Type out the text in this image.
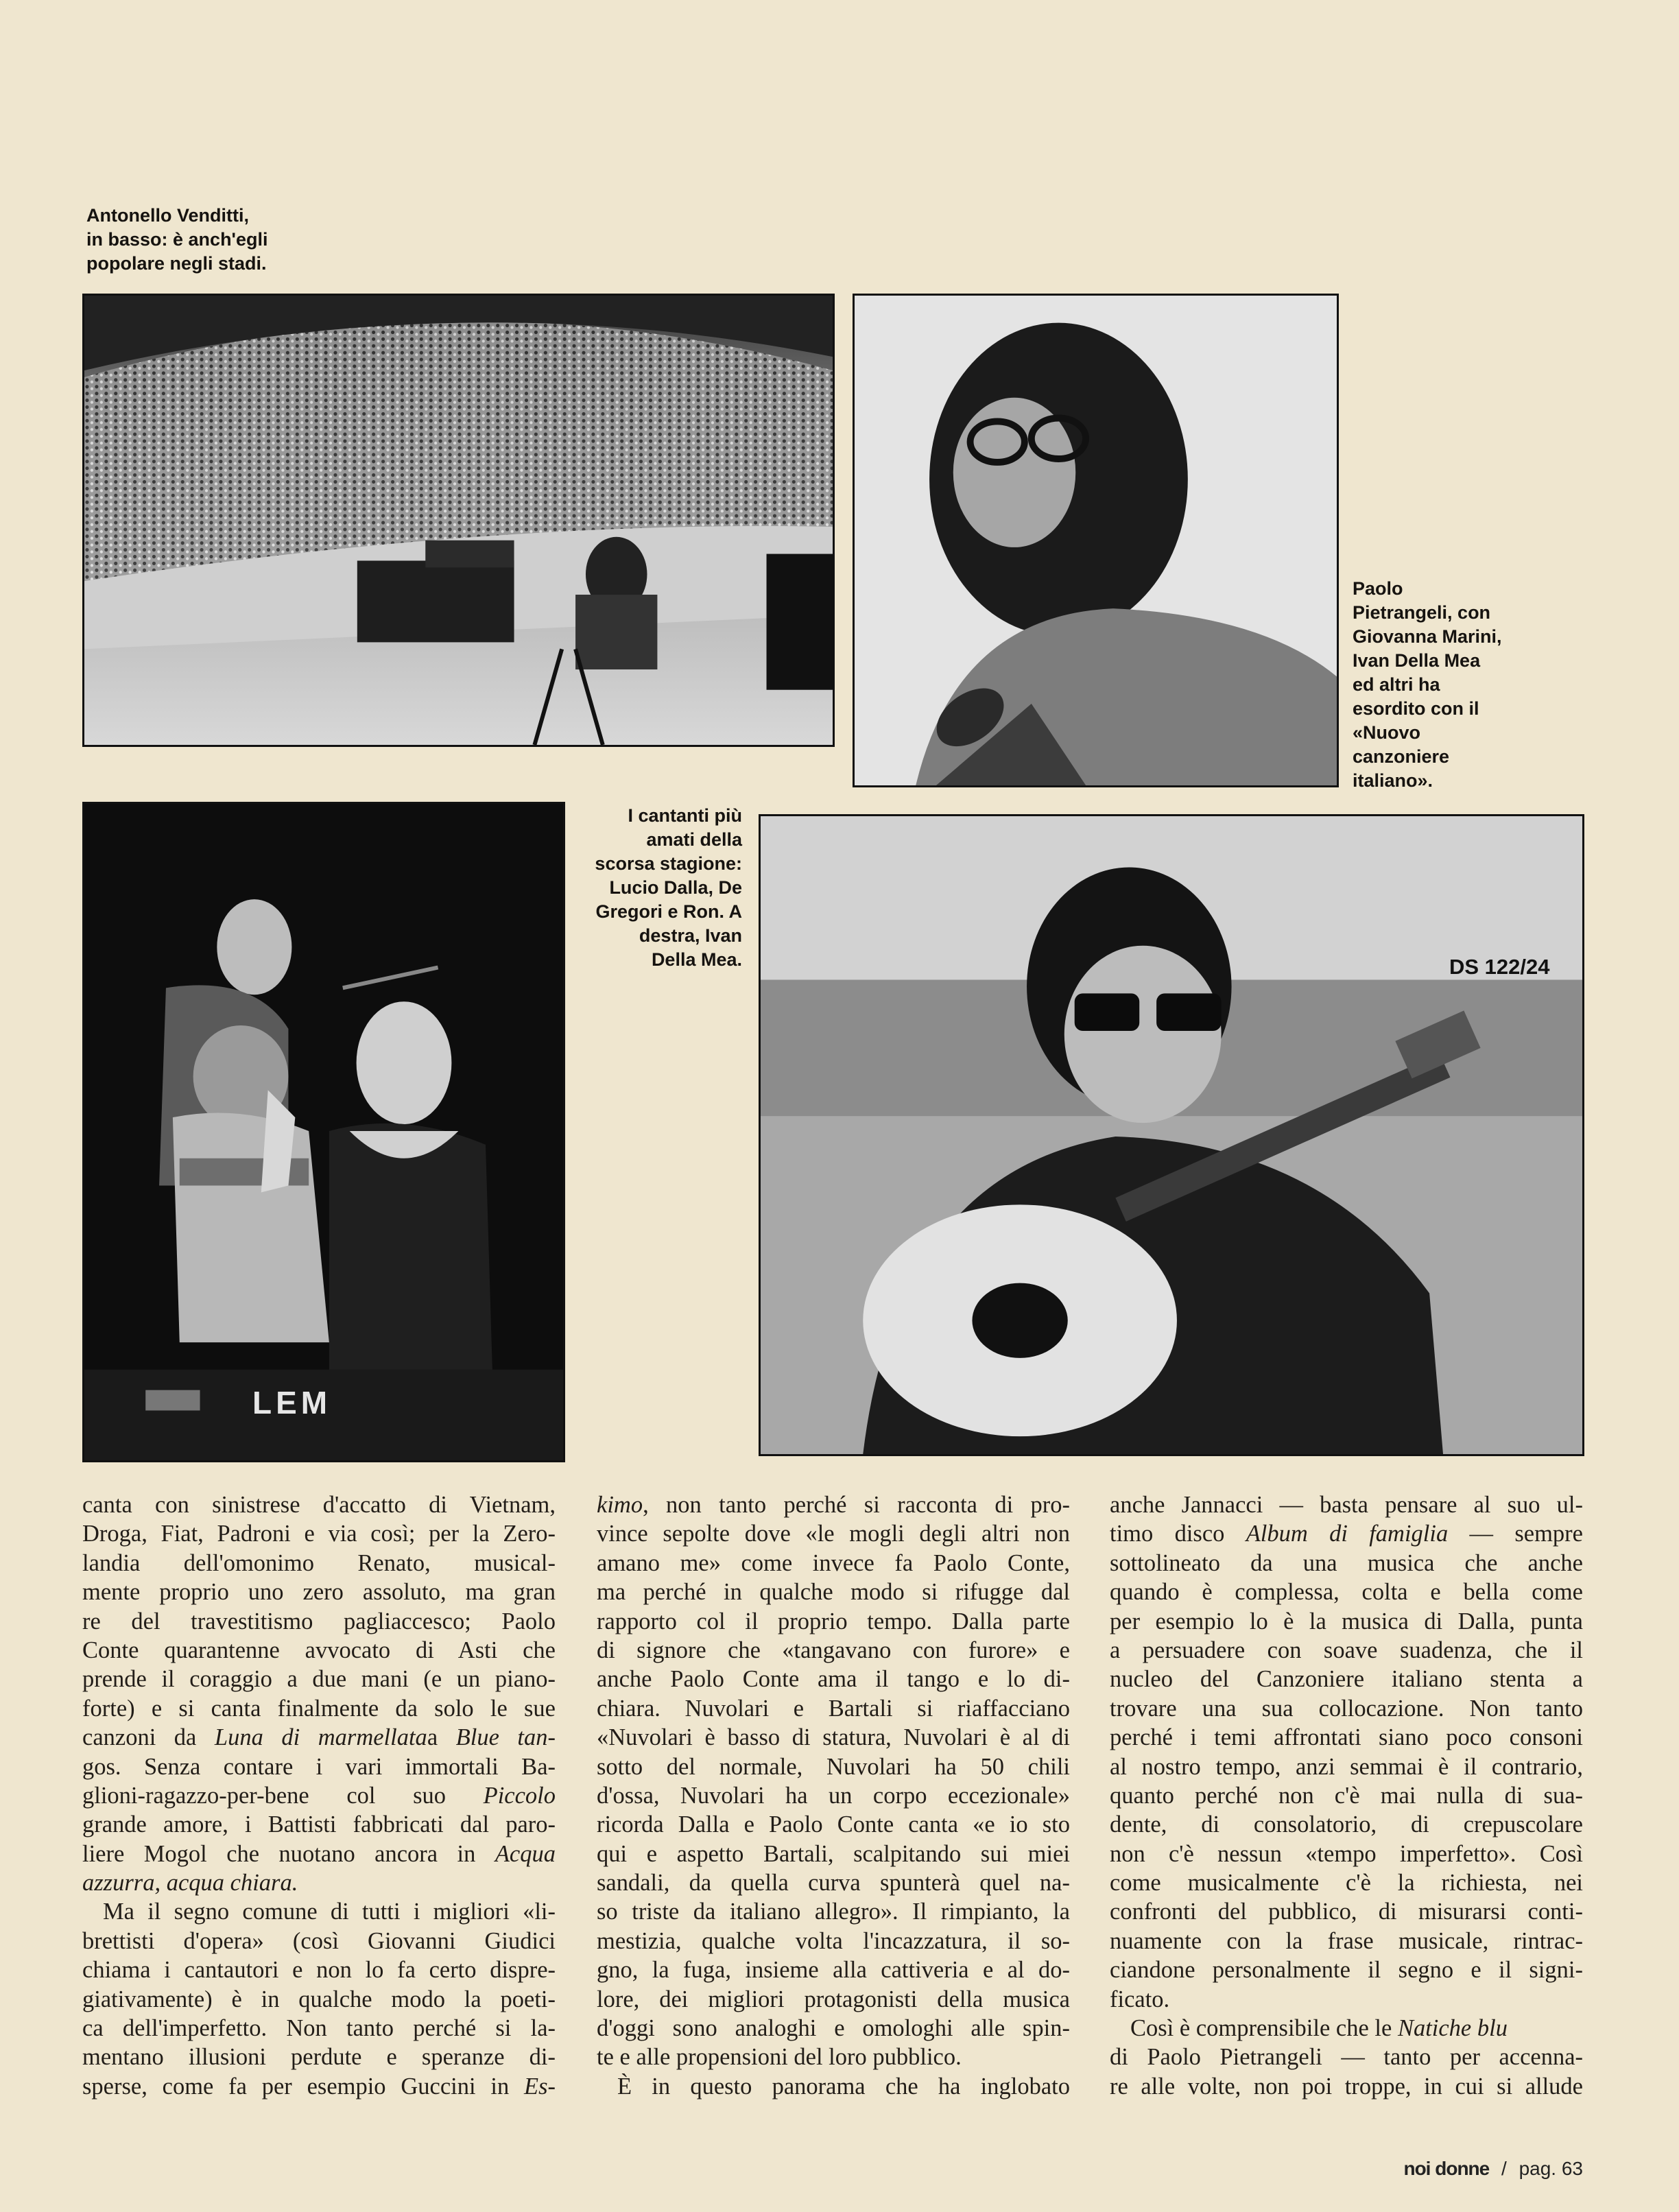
Antonello Venditti,
in basso: è anch'egli
popolare negli stadi.
Paolo
Pietrangeli, con
Giovanna Marini,
Ivan Della Mea
ed altri ha
esordito con il
«Nuovo
canzoniere
italiano».
LEM
I cantanti più
amati della
scorsa stagione:
Lucio Dalla, De
Gregori e Ron. A
destra, Ivan
Della Mea.	DS 122/24
canta con sinistrese d'accatto di Vietnam,
Droga, Fiat, Padroni e via così; per la Zero-
landia dell'omonimo Renato, musical-
mente proprio uno zero assoluto, ma gran
re del travestitismo pagliaccesco; Paolo
Conte quarantenne avvocato di Asti che
prende il coraggio a due mani (e un piano-
forte) e si canta finalmente da solo le sue
canzoni da Luna di marmellataa Blue tan-
gos. Senza contare i vari immortali Ba-
glioni-ragazzo-per-bene col suo Piccolo
grande amore, i Battisti fabbricati dal paro-
liere Mogol che nuotano ancora in Acqua
azzurra, acqua chiara.
Ma il segno comune di tutti i migliori «li-
brettisti d'opera» (così Giovanni Giudici
chiama i cantautori e non lo fa certo dispre-
giativamente) è in qualche modo la poeti-
ca dell'imperfetto. Non tanto perché si la-
mentano illusioni perdute e speranze di-
sperse, come fa per esempio Guccini in Es-
kimo, non tanto perché si racconta di pro-
vince sepolte dove «le mogli degli altri non
amano me» come invece fa Paolo Conte,
ma perché in qualche modo si rifugge dal
rapporto col il proprio tempo. Dalla parte
di signore che «tangavano con furore» e
anche Paolo Conte ama il tango e lo di-
chiara. Nuvolari e Bartali si riaffacciano
«Nuvolari è basso di statura, Nuvolari è al di
sotto del normale, Nuvolari ha 50 chili
d'ossa, Nuvolari ha un corpo eccezionale»
ricorda Dalla e Paolo Conte canta «e io sto
qui e aspetto Bartali, scalpitando sui miei
sandali, da quella curva spunterà quel na-
so triste da italiano allegro». Il rimpianto, la
mestizia, qualche volta l'incazzatura, il so-
gno, la fuga, insieme alla cattiveria e al do-
lore, dei migliori protagonisti della musica
d'oggi sono analoghi e omologhi alle spin-
te e alle propensioni del loro pubblico.
È in questo panorama che ha inglobato
anche Jannacci — basta pensare al suo ul-
timo disco Album di famiglia — sempre
sottolineato da una musica che anche
quando è complessa, colta e bella come
per esempio lo è la musica di Dalla, punta
a persuadere con soave suadenza, che il
nucleo del Canzoniere italiano stenta a
trovare una sua collocazione. Non tanto
perché i temi affrontati siano poco consoni
al nostro tempo, anzi semmai è il contrario,
quanto perché non c'è mai nulla di sua-
dente, di consolatorio, di crepuscolare
non c'è nessun «tempo imperfetto». Così
come musicalmente c'è la richiesta, nei
confronti del pubblico, di misurarsi conti-
nuamente con la frase musicale, rintrac-
ciandone personalmente il segno e il signi-
ficato.
Così è comprensibile che le Natiche blu
di Paolo Pietrangeli — tanto per accenna-
re alle volte, non poi troppe, in cui si allude
noi donne / pag. 63
